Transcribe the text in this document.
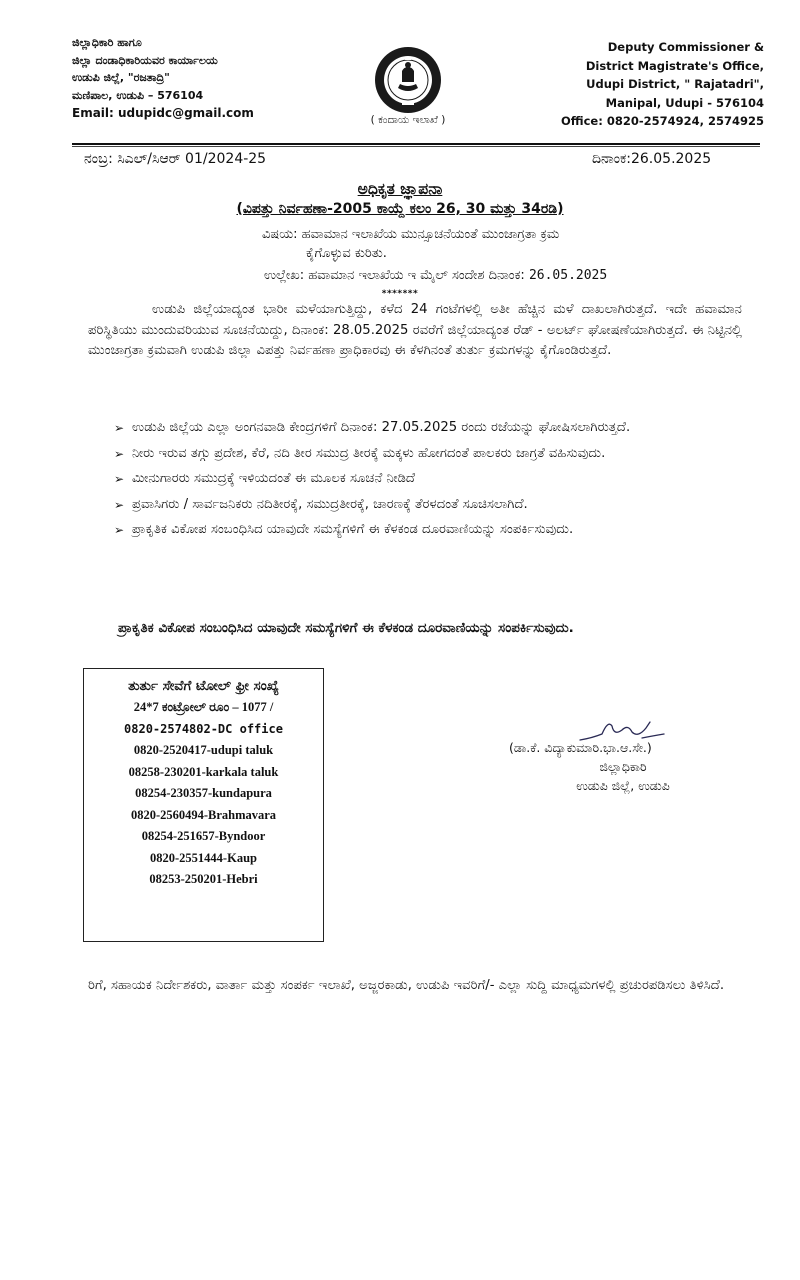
ಜಿಲ್ಲಾಧಿಕಾರಿ ಹಾಗೂ
ಜಿಲ್ಲಾ ದಂಡಾಧಿಕಾರಿಯವರ ಕಾರ್ಯಾಲಯ
ಉಡುಪಿ ಜಿಲ್ಲೆ, "ರಜತಾದ್ರಿ"
ಮಣಿಪಾಲ, ಉಡುಪಿ – 576104
Email: udupidc@gmail.com	( ಕಂದಾಯ ಇಲಾಖೆ )
Deputy Commissioner &
District Magistrate's Office,
Udupi District, " Rajatadri",
Manipal, Udupi - 576104
Office: 0820-2574924, 2574925
ನಂಬ್ರ: ಸಿಎಲ್/ಸಿಆರ್ 01/2024-25	ದಿನಾಂಕ:26.05.2025
ಅಧಿಕೃತ ಜ್ಞಾಪನಾ
(ವಿಪತ್ತು ನಿರ್ವಹಣಾ-2005 ಕಾಯ್ದೆ ಕಲಂ 26, 30 ಮತ್ತು 34ರಡಿ)
ವಿಷಯ: ಹವಾಮಾನ ಇಲಾಖೆಯ ಮುನ್ಸೂಚನೆಯಂತೆ ಮುಂಜಾಗ್ರತಾ ಕ್ರಮ
ಕೈಗೊಳ್ಳುವ ಕುರಿತು.
ಉಲ್ಲೇಖ: ಹವಾಮಾನ ಇಲಾಖೆಯ ಇ ಮೈಲ್ ಸಂದೇಶ ದಿನಾಂಕ: 26.05.2025
*******
ಉಡುಪಿ ಜಿಲ್ಲೆಯಾದ್ಯಂತ ಭಾರೀ ಮಳೆಯಾಗುತ್ತಿದ್ದು, ಕಳೆದ 24 ಗಂಟೆಗಳಲ್ಲಿ ಅತೀ ಹೆಚ್ಚಿನ ಮಳೆ ದಾಖಲಾಗಿರುತ್ತದೆ. ಇದೇ ಹವಾಮಾನ ಪರಿಸ್ಥಿತಿಯು ಮುಂದುವರಿಯುವ ಸೂಚನೆಯಿದ್ದು, ದಿನಾಂಕ: 28.05.2025 ರವರೆಗೆ ಜಿಲ್ಲೆಯಾದ್ಯಂತ ರೆಡ್ - ಅಲರ್ಟ್ ಘೋಷಣೆಯಾಗಿರುತ್ತದೆ. ಈ ನಿಟ್ಟಿನಲ್ಲಿ ಮುಂಜಾಗ್ರತಾ ಕ್ರಮವಾಗಿ ಉಡುಪಿ ಜಿಲ್ಲಾ ವಿಪತ್ತು ನಿರ್ವಹಣಾ ಪ್ರಾಧಿಕಾರವು ಈ ಕೆಳಗಿನಂತೆ ತುರ್ತು ಕ್ರಮಗಳನ್ನು ಕೈಗೊಂಡಿರುತ್ತದೆ.
➢ ಉಡುಪಿ ಜಿಲ್ಲೆಯ ಎಲ್ಲಾ ಅಂಗನವಾಡಿ ಕೇಂದ್ರಗಳಿಗೆ ದಿನಾಂಕ: 27.05.2025 ರಂದು ರಜೆಯನ್ನು ಘೋಷಿಸಲಾಗಿರುತ್ತದೆ.
➢ ನೀರು ಇರುವ ತಗ್ಗು ಪ್ರದೇಶ, ಕೆರೆ, ನದಿ ತೀರ ಸಮುದ್ರ ತೀರಕ್ಕೆ ಮಕ್ಕಳು ಹೋಗದಂತೆ ಪಾಲಕರು ಜಾಗ್ರತೆ ವಹಿಸುವುದು.
➢ ಮೀನುಗಾರರು ಸಮುದ್ರಕ್ಕೆ ಇಳಿಯದಂತೆ ಈ ಮೂಲಕ ಸೂಚನೆ ನೀಡಿದೆ
➢ ಪ್ರವಾಸಿಗರು / ಸಾರ್ವಜನಿಕರು ನದಿತೀರಕ್ಕೆ, ಸಮುದ್ರತೀರಕ್ಕೆ, ಚಾರಣಕ್ಕೆ ತೆರಳದಂತೆ ಸೂಚಿಸಲಾಗಿದೆ.
➢ ಪ್ರಾಕೃತಿಕ ವಿಕೋಪ ಸಂಬಂಧಿಸಿದ ಯಾವುದೇ ಸಮಸ್ಯೆಗಳಿಗೆ ಈ ಕೆಳಕಂಡ ದೂರವಾಣಿಯನ್ನು ಸಂಪರ್ಕಿಸುವುದು.
ಪ್ರಾಕೃತಿಕ ವಿಕೋಪ ಸಂಬಂಧಿಸಿದ ಯಾವುದೇ ಸಮಸ್ಯೆಗಳಿಗೆ ಈ ಕೆಳಕಂಡ ದೂರವಾಣಿಯನ್ನು ಸಂಪರ್ಕಿಸುವುದು.
ತುರ್ತು ಸೇವೆಗೆ ಟೋಲ್ ಫ್ರೀ ಸಂಖ್ಯೆ
24*7 ಕಂಟ್ರೋಲ್ ರೂಂ – 1077 /
0820-2574802-DC office
0820-2520417-udupi taluk
08258-230201-karkala taluk
08254-230357-kundapura
0820-2560494-Brahmavara
08254-251657-Byndoor
0820-2551444-Kaup
08253-250201-Hebri
(ಡಾ.ಕೆ. ವಿದ್ಯಾಕುಮಾರಿ.ಭಾ.ಆ.ಸೇ.)
ಜಿಲ್ಲಾಧಿಕಾರಿ
ಉಡುಪಿ ಜಿಲ್ಲೆ, ಉಡುಪಿ
ರಿಗೆ, ಸಹಾಯಕ ನಿರ್ದೇಶಕರು, ವಾರ್ತಾ ಮತ್ತು ಸಂಪರ್ಕ ಇಲಾಖೆ, ಅಜ್ಜರಕಾಡು, ಉಡುಪಿ ಇವರಿಗೆ/- ಎಲ್ಲಾ ಸುದ್ದಿ ಮಾಧ್ಯಮಗಳಲ್ಲಿ ಪ್ರಚುರಪಡಿಸಲು ತಿಳಿಸಿದೆ.
